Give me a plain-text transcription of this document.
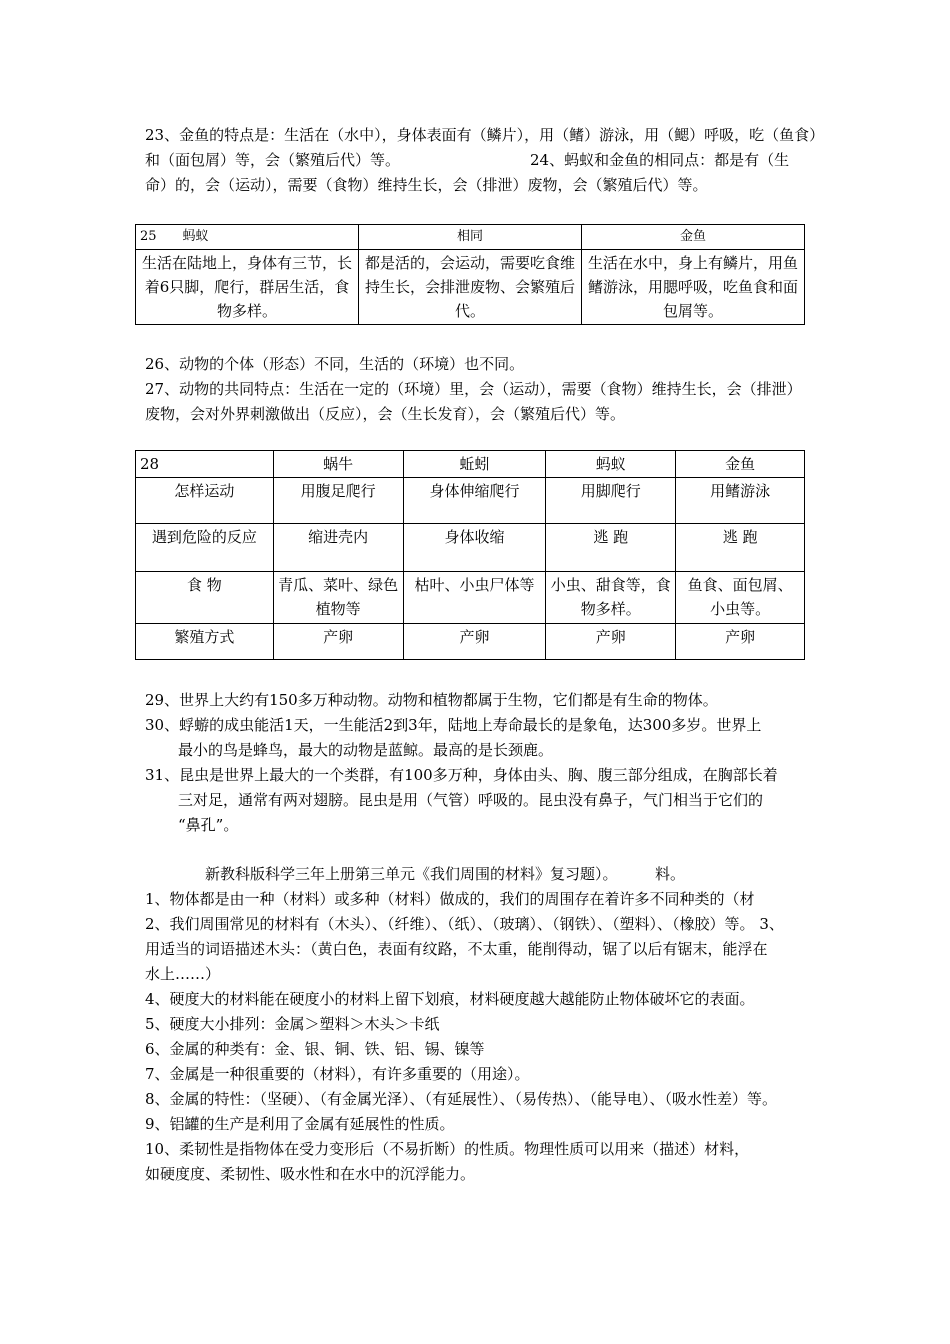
23、金鱼的特点是：生活在（水中），身体表面有（鳞片），用（鳍）游泳，用（鳃）呼吸，吃（鱼食）
和（面包屑）等，会（繁殖后代）等。	24、蚂蚁和金鱼的相同点：都是有（生
命）的，会（运动），需要（食物）维持生长，会（排泄）废物，会（繁殖后代）等。
25　　蚂蚁	相同	金鱼
生活在陆地上，身体有三节，长着6只脚，爬行，群居生活，食物多样。	都是活的，会运动，需要吃食维持生长，会排泄废物、会繁殖后代。	生活在水中，身上有鳞片，用鱼鳍游泳，用腮呼吸，吃鱼食和面包屑等。
26、动物的个体（形态）不同，生活的（环境）也不同。
27、动物的共同特点：生活在一定的（环境）里，会（运动），需要（食物）维持生长，会（排泄）
废物，会对外界刺激做出（反应），会（生长发育），会（繁殖后代）等。
28	蜗牛	蚯蚓	蚂蚁	金鱼
怎样运动	用腹足爬行	身体伸缩爬行	用脚爬行	用鳍游泳
遇到危险的反应	缩进壳内	身体收缩	逃 跑	逃 跑
食 物	青瓜、菜叶、绿色植物等	枯叶、小虫尸体等	小虫、甜食等，食物多样。	鱼食、面包屑、小虫等。
繁殖方式	产卵	产卵	产卵	产卵
29、世界上大约有150多万种动物。动物和植物都属于生物，它们都是有生命的物体。
30、蜉蝣的成虫能活1天，一生能活2到3年，陆地上寿命最长的是象龟，达300多岁。世界上
最小的鸟是蜂鸟，最大的动物是蓝鲸。最高的是长颈鹿。
31、昆虫是世界上最大的一个类群，有100多万种，身体由头、胸、腹三部分组成，在胸部长着
三对足，通常有两对翅膀。昆虫是用（气管）呼吸的。昆虫没有鼻子，气门相当于它们的
“鼻孔”。
新教科版科学三年上册第三单元《我们周围的材料》复习题）。　　　料。
1、物体都是由一种（材料）或多种（材料）做成的，我们的周围存在着许多不同种类的（材
2、我们周围常见的材料有（木头）、（纤维）、（纸）、（玻璃）、（钢铁）、（塑料）、（橡胶）等。 3、
用适当的词语描述木头：（黄白色，表面有纹路，不太重，能削得动，锯了以后有锯末，能浮在
水上……）
4、硬度大的材料能在硬度小的材料上留下划痕，材料硬度越大越能防止物体破坏它的表面。
5、硬度大小排列：金属＞塑料＞木头＞卡纸
6、金属的种类有：金、银、铜、铁、铝、锡、镍等
7、金属是一种很重要的（材料），有许多重要的（用途）。
8、金属的特性：（坚硬）、（有金属光泽）、（有延展性）、（易传热）、（能导电）、（吸水性差）等。
9、铝罐的生产是利用了金属有延展性的性质。
10、柔韧性是指物体在受力变形后（不易折断）的性质。物理性质可以用来（描述）材料，
如硬度度、柔韧性、吸水性和在水中的沉浮能力。
